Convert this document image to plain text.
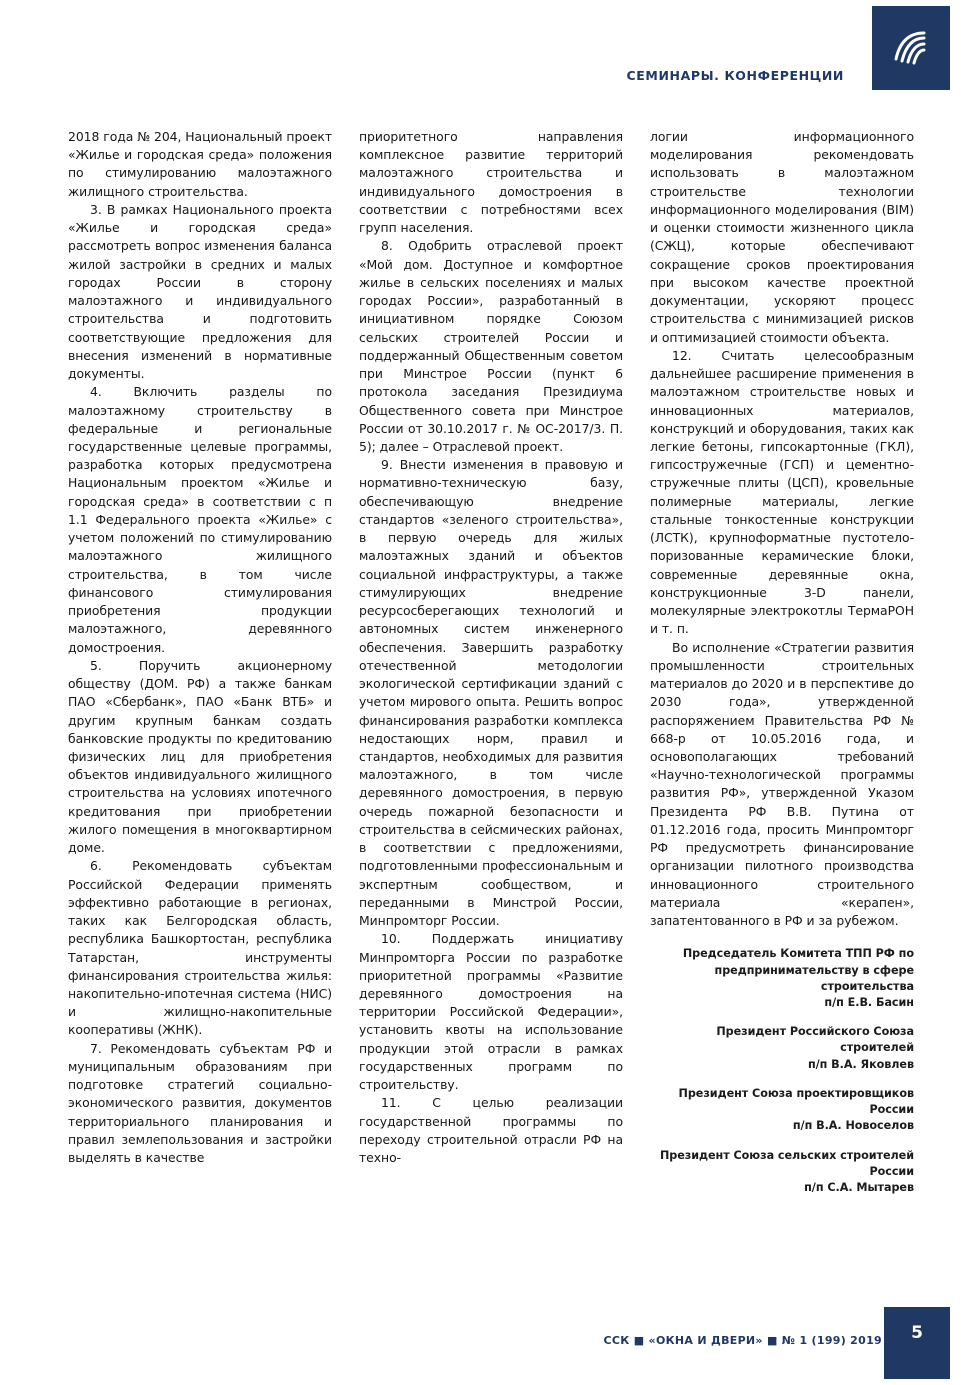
СЕМИНАРЫ. КОНФЕРЕНЦИИ

2018 года № 204, Национальный проект «Жилье и городская среда» положения по стимулированию малоэтажного жилищного строительства.

3. В рамках Национального проекта «Жилье и городская среда» рассмотреть вопрос изменения баланса жилой застройки в средних и малых городах России в сторону малоэтажного и индивидуального строительства и подготовить соответствующие предложения для внесения изменений в нормативные документы.

4. Включить разделы по малоэтажному строительству в федеральные и региональные государственные целевые программы, разработка которых предусмотрена Национальным проектом «Жилье и городская среда» в соответствии с п 1.1 Федерального проекта «Жилье» с учетом положений по стимулированию малоэтажного жилищного строительства, в том числе финансового стимулирования приобретения продукции малоэтажного, деревянного домостроения.

5. Поручить акционерному обществу (ДОМ. РФ) а также банкам ПАО «Сбербанк», ПАО «Банк ВТБ» и другим крупным банкам создать банковские продукты по кредитованию физических лиц для приобретения объектов индивидуального жилищного строительства на условиях ипотечного кредитования при приобретении жилого помещения в многоквартирном доме.

6. Рекомендовать субъектам Российской Федерации применять эффективно работающие в регионах, таких как Белгородская область, республика Башкортостан, республика Татарстан, инструменты финансирования строительства жилья: накопительно-ипотечная система (НИС) и жилищно-накопительные кооперативы (ЖНК).

7. Рекомендовать субъектам РФ и муниципальным образованиям при подготовке стратегий социально-экономического развития, документов территориального планирования и правил землепользования и застройки выделять в качестве

приоритетного направления комплексное развитие территорий малоэтажного строительства и индивидуального домостроения в соответствии с потребностями всех групп населения.

8. Одобрить отраслевой проект «Мой дом. Доступное и комфортное жилье в сельских поселениях и малых городах России», разработанный в инициативном порядке Союзом сельских строителей России и поддержанный Общественным советом при Минстрое России (пункт 6 протокола заседания Президиума Общественного совета при Минстрое России от 30.10.2017 г. № ОС-2017/3. П. 5); далее – Отраслевой проект.

9. Внести изменения в правовую и нормативно-техническую базу, обеспечивающую внедрение стандартов «зеленого строительства», в первую очередь для жилых малоэтажных зданий и объектов социальной инфраструктуры, а также стимулирующих внедрение ресурсосберегающих технологий и автономных систем инженерного обеспечения. Завершить разработку отечественной методологии экологической сертификации зданий с учетом мирового опыта. Решить вопрос финансирования разработки комплекса недостающих норм, правил и стандартов, необходимых для развития малоэтажного, в том числе деревянного домостроения, в первую очередь пожарной безопасности и строительства в сейсмических районах, в соответствии с предложениями, подготовленными профессиональным и экспертным сообществом, и переданными в Минстрой России, Минпромторг России.

10. Поддержать инициативу Минпромторга России по разработке приоритетной программы «Развитие деревянного домостроения на территории Российской Федерации», установить квоты на использование продукции этой отрасли в рамках государственных программ по строительству.

11. С целью реализации государственной программы по переходу строительной отрасли РФ на техно-

логии информационного моделирования рекомендовать использовать в малоэтажном строительстве технологии информационного моделирования (BIM) и оценки стоимости жизненного цикла (СЖЦ), которые обеспечивают сокращение сроков проектирования при высоком качестве проектной документации, ускоряют процесс строительства с минимизацией рисков и оптимизацией стоимости объекта.

12. Считать целесообразным дальнейшее расширение применения в малоэтажном строительстве новых и инновационных материалов, конструкций и оборудования, таких как легкие бетоны, гипсокартонные (ГКЛ), гипсостружечные (ГСП) и цементно-стружечные плиты (ЦСП), кровельные полимерные материалы, легкие стальные тонкостенные конструкции (ЛСТК), крупноформатные пустотело-поризованные керамические блоки, современные деревянные окна, конструкционные 3-D панели, молекулярные электрокотлы ТермаРОН и т. п.

Во исполнение «Стратегии развития промышленности строительных материалов до 2020 и в перспективе до 2030 года», утвержденной распоряжением Правительства РФ № 668-р от 10.05.2016 года, и основополагающих требований «Научно-технологической программы развития РФ», утвержденной Указом Президента РФ В.В. Путина от 01.12.2016 года, просить Минпромторг РФ предусмотреть финансирование организации пилотного производства инновационного строительного материала «керапен», запатентованного в РФ и за рубежом.

Председатель Комитета ТПП РФ по предпринимательству в сфере строительства
п/п Е.В. Басин
Президент Российского Союза строителей
п/п В.А. Яковлев
Президент Союза проектировщиков России
п/п В.А. Новоселов
Президент Союза сельских строителей России
п/п С.А. Мытарев
ССК ■ «ОКНА И ДВЕРИ» ■ № 1 (199) 2019 5
